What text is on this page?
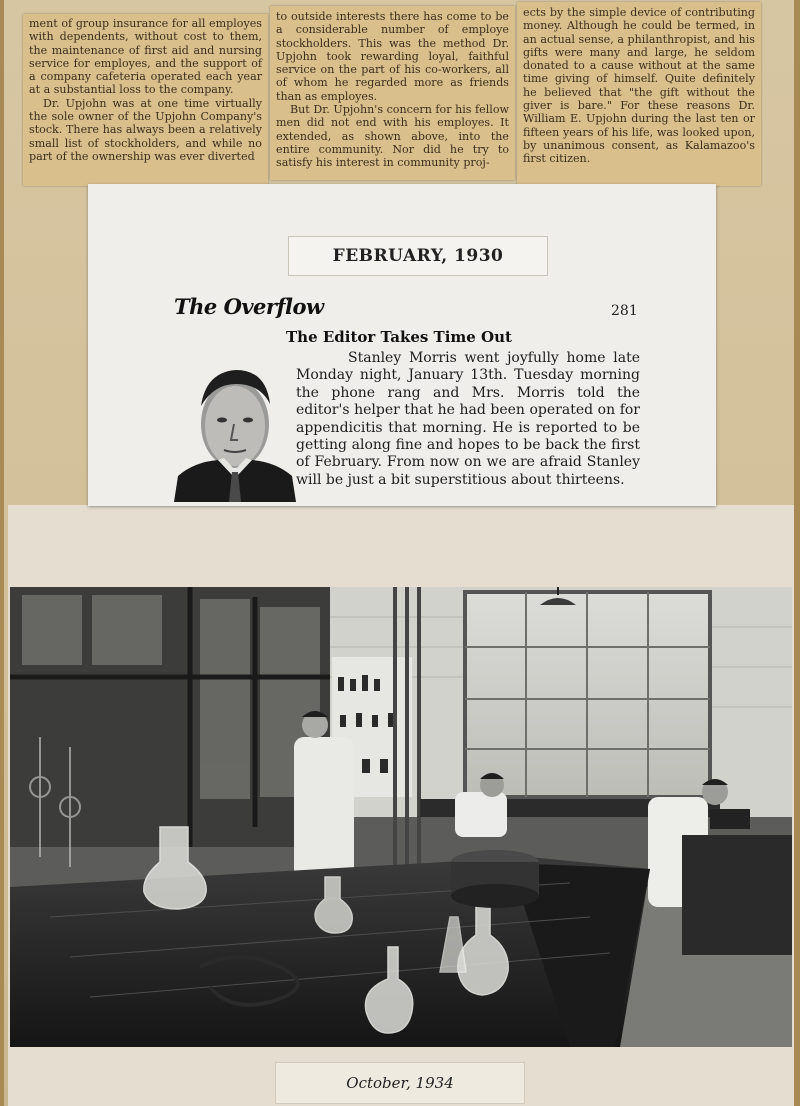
ment of group insurance for all employes with dependents, without cost to them, the maintenance of first aid and nursing service for employes, and the support of a company cafeteria operated each year at a substantial loss to the company.

Dr. Upjohn was at one time virtually the sole owner of the Upjohn Company's stock. There has always been a relatively small list of stockholders, and while no part of the ownership was ever diverted

to outside interests there has come to be a considerable number of employe stockholders. This was the method Dr. Upjohn took rewarding loyal, faithful service on the part of his co-workers, all of whom he regarded more as friends than as employes.

But Dr. Upjohn's concern for his fellow men did not end with his employes. It extended, as shown above, into the entire community. Nor did he try to satisfy his interest in community proj-

ects by the simple device of contributing money. Although he could be termed, in an actual sense, a philanthropist, and his gifts were many and large, he seldom donated to a cause without at the same time giving of himself. Quite definitely he believed that "the gift without the giver is bare." For these reasons Dr. William E. Upjohn during the last ten or fifteen years of his life, was looked upon, by unanimous consent, as Kalamazoo's first citizen.

FEBRUARY, 1930
The Overflow	281
The Editor Takes Time Out

Stanley Morris went joyfully home late Monday night, January 13th. Tuesday morning the phone rang and Mrs. Morris told the editor's helper that he had been operated on for appendicitis that morning. He is reported to be getting along fine and hopes to be back the first of February. From now on we are afraid Stanley will be just a bit superstitious about thirteens.

October, 1934
